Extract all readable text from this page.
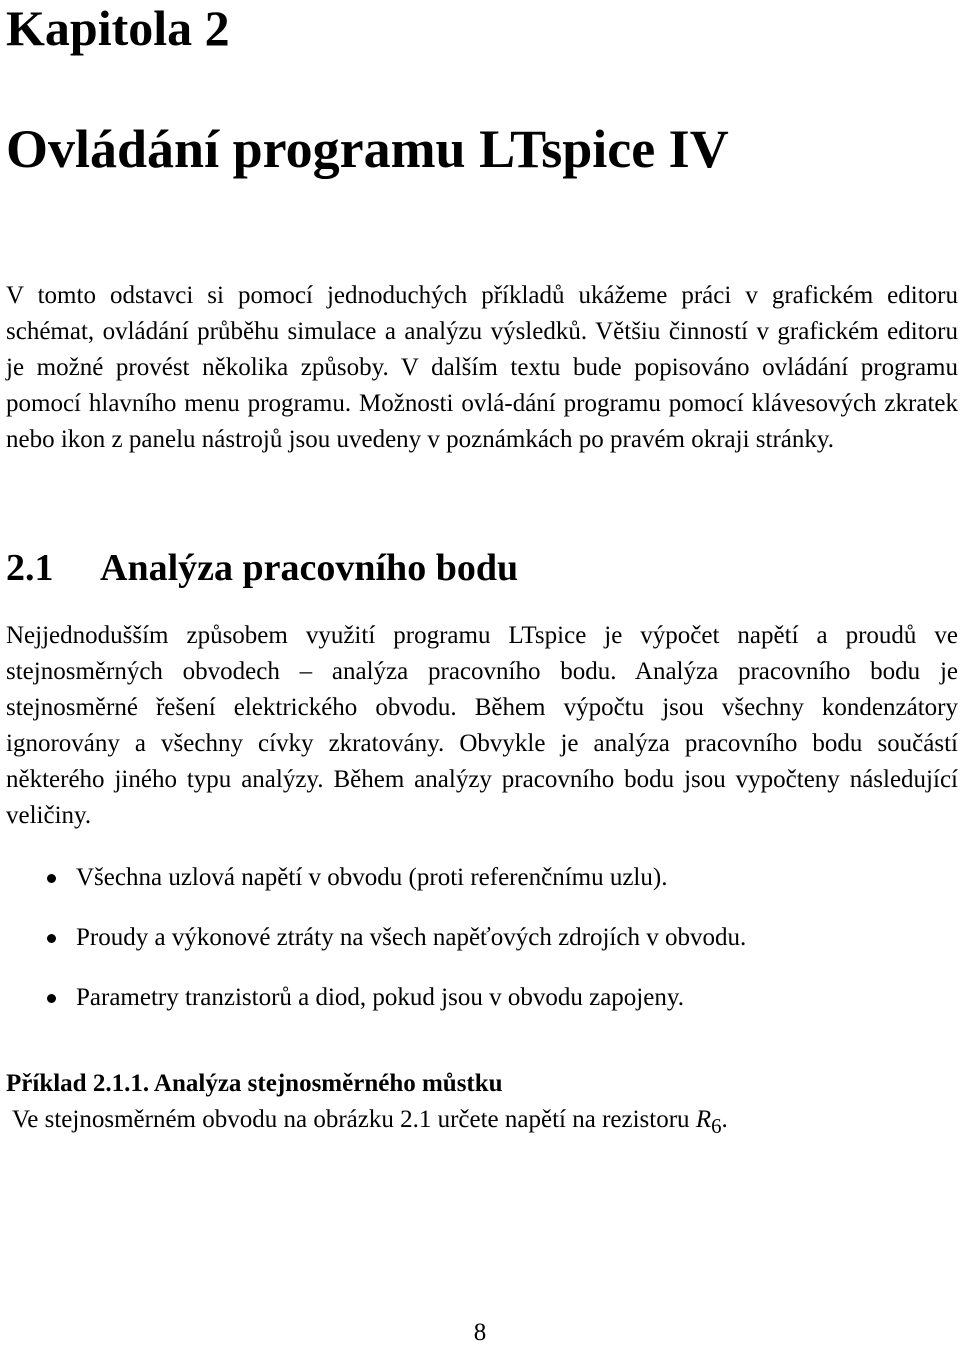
Kapitola 2
Ovládání programu LTspice IV

V tomto odstavci si pomocí jednoduchých příkladů ukážeme práci v grafickém editoru schémat, ovládání průběhu simulace a analýzu výsledků. Většiu činností v grafickém editoru je možné provést několika způsoby. V dalším textu bude popisováno ovládání programu pomocí hlavního menu programu. Možnosti ovlá-dání programu pomocí klávesových zkratek nebo ikon z panelu nástrojů jsou uvedeny v poznámkách po pravém okraji stránky.

2.1 Analýza pracovního bodu

Nejjednodušším způsobem využití programu LTspice je výpočet napětí a proudů ve stejnosměrných obvodech – analýza pracovního bodu. Analýza pracovního bodu je stejnosměrné řešení elektrického obvodu. Během výpočtu jsou všechny kondenzátory ignorovány a všechny cívky zkratovány. Obvykle je analýza pracovního bodu součástí některého jiného typu analýzy. Během analýzy pracovního bodu jsou vypočteny následující veličiny.

Všechna uzlová napětí v obvodu (proti referenčnímu uzlu).
Proudy a výkonové ztráty na všech napěťových zdrojích v obvodu.
Parametry tranzistorů a diod, pokud jsou v obvodu zapojeny.

Příklad 2.1.1. Analýza stejnosměrného můstku

Ve stejnosměrném obvodu na obrázku 2.1 určete napětí na rezistoru $R_6$.

8
